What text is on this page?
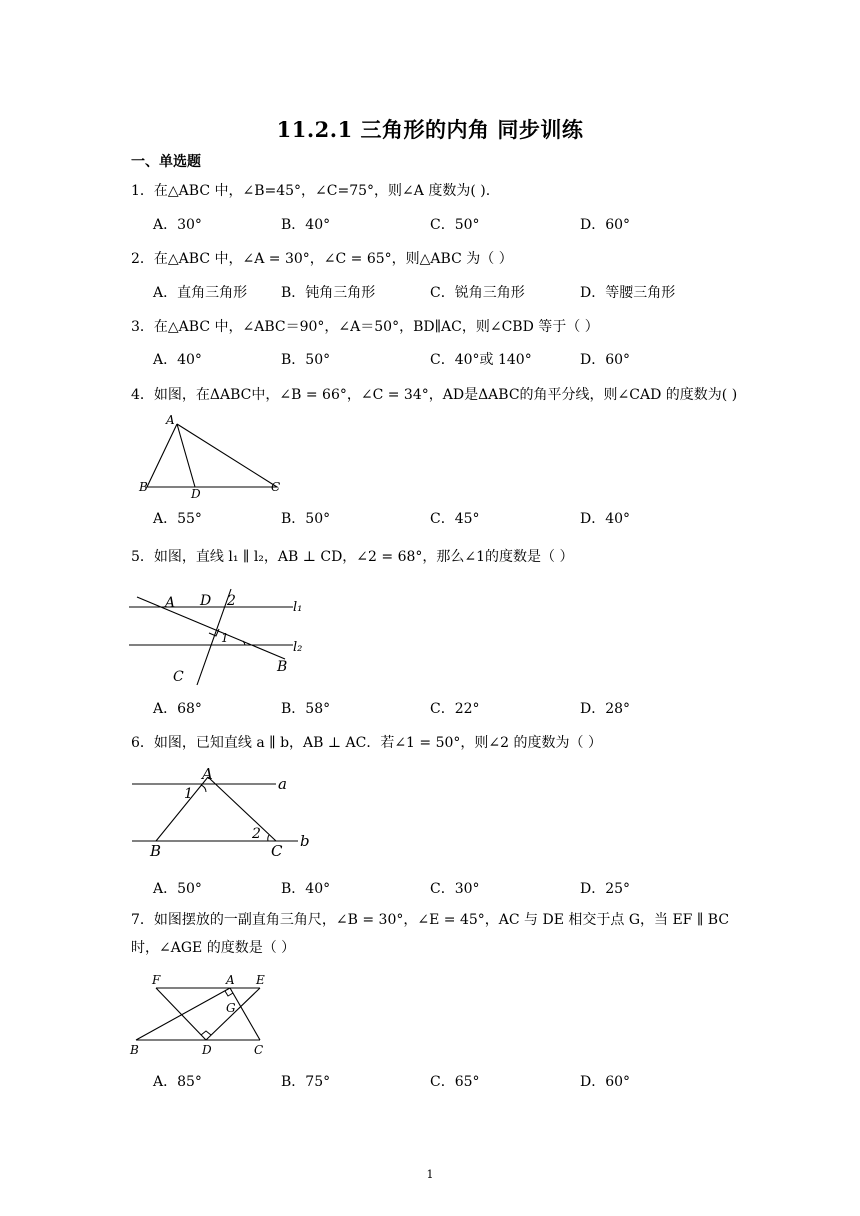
11.2.1 三角形的内角 同步训练
一、单选题
1．在△ABC 中，∠B=45°，∠C=75°，则∠A 度数为( ).
A．30°	B．40°	C．50°	D．60°
2．在△ABC 中，∠A = 30°，∠C = 65°，则△ABC 为（ ）
A．直角三角形 B．钝角三角形	C．锐角三角形	D．等腰三角形
3．在△ABC 中，∠ABC＝90°，∠A＝50°，BD∥AC，则∠CBD 等于（ ）
A．40°	B．50°	C．40°或 140°	D．60°
4．如图，在ΔABC中，∠B = 66°，∠C = 34°，AD是ΔABC的角平分线，则∠CAD 的度数为( )
A
B	D	C
A．55°	B．50°	C．45°	D．40°
5．如图，直线 l₁ ∥ l₂，AB ⊥ CD，∠2 = 68°，那么∠1的度数是（ ）
A D 2	l₁
1
l₂
B
C
A．68°	B．58°	C．22°	D．28°
6．如图，已知直线 a ∥ b，AB ⊥ AC．若∠1 = 50°，则∠2 的度数为（ ）
A
a
1
2
B	C
b
A．50°	B．40°	C．30°	D．25°
7．如图摆放的一副直角三角尺，∠B = 30°，∠E = 45°，AC 与 DE 相交于点 G，当 EF ∥ BC 时，∠AGE 的度数是（ ）
F	A E
G
B	D	C
A．85°	B．75°	C．65°	D．60°
1
